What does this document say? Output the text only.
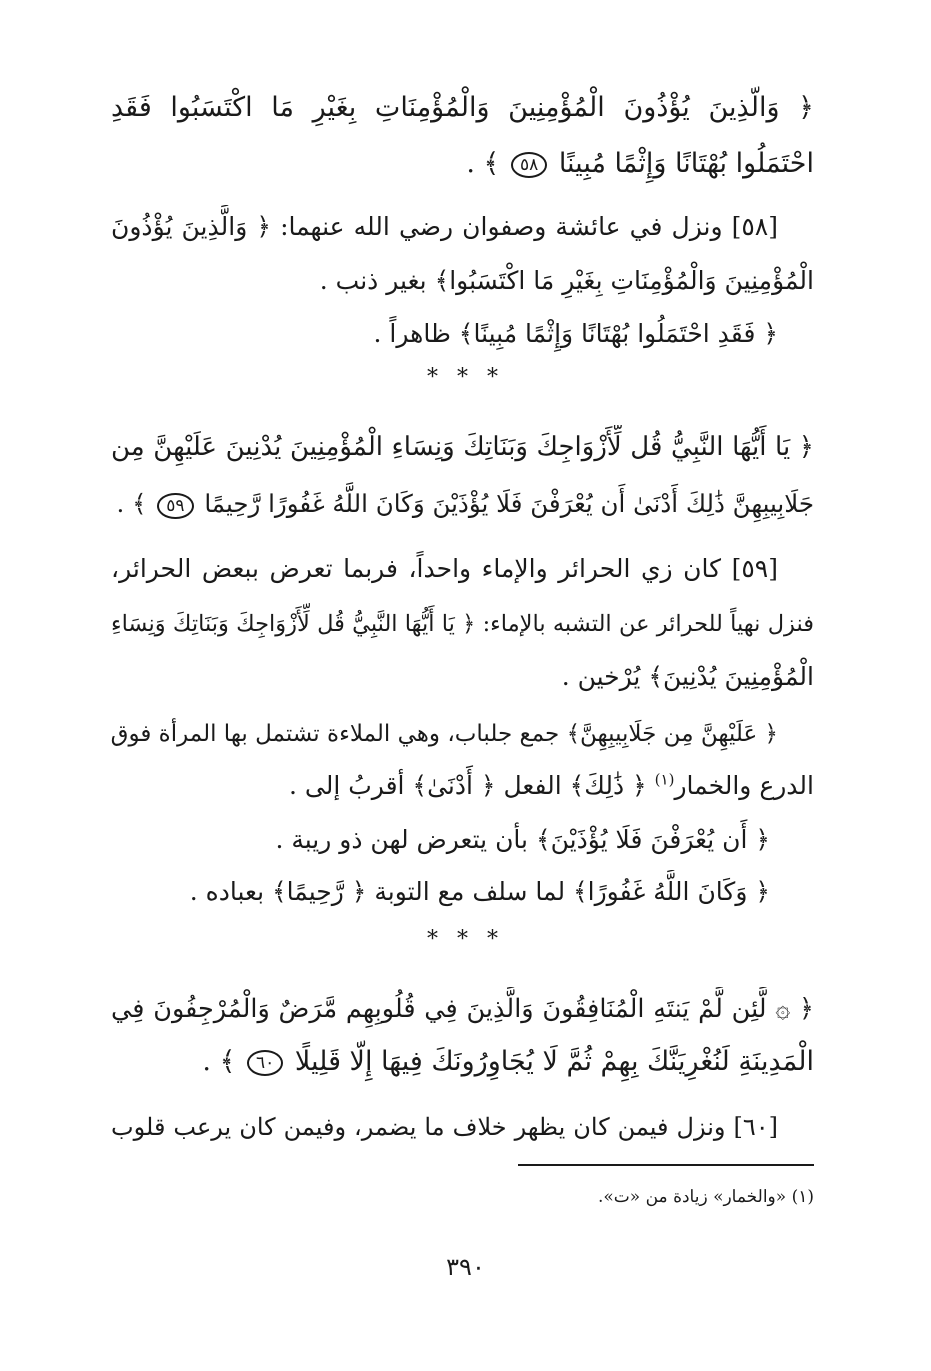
﴿ وَالَّذِينَ يُؤْذُونَ الْمُؤْمِنِينَ وَالْمُؤْمِنَاتِ بِغَيْرِ مَا اكْتَسَبُوا فَقَدِ
احْتَمَلُوا بُهْتَانًا وَإِثْمًا مُبِينًا ٥٨ ﴾ .
[٥٨] ونزل في عائشة وصفوان رضي الله عنهما: ﴿ وَالَّذِينَ يُؤْذُونَ
الْمُؤْمِنِينَ وَالْمُؤْمِنَاتِ بِغَيْرِ مَا اكْتَسَبُوا﴾ بغير ذنب .
﴿ فَقَدِ احْتَمَلُوا بُهْتَانًا وَإِثْمًا مُبِينًا﴾ ظاهراً .
* * *
﴿ يَا أَيُّهَا النَّبِيُّ قُل لِّأَزْوَاجِكَ وَبَنَاتِكَ وَنِسَاءِ الْمُؤْمِنِينَ يُدْنِينَ عَلَيْهِنَّ مِن
جَلَابِيبِهِنَّ ذَٰلِكَ أَدْنَىٰ أَن يُعْرَفْنَ فَلَا يُؤْذَيْنَ وَكَانَ اللَّهُ غَفُورًا رَّحِيمًا ٥٩ ﴾ .
[٥٩] كان زي الحرائر والإماء واحداً، فربما تعرض ببعض الحرائر،
فنزل نهياً للحرائر عن التشبه بالإماء: ﴿ يَا أَيُّهَا النَّبِيُّ قُل لِّأَزْوَاجِكَ وَبَنَاتِكَ وَنِسَاءِ
الْمُؤْمِنِينَ يُدْنِينَ﴾ يُرْخين .
﴿ عَلَيْهِنَّ مِن جَلَابِيبِهِنَّ﴾ جمع جلباب، وهي الملاءة تشتمل بها المرأة فوق
الدرع والخمار$^{(١)}$ ﴿ ذَٰلِكَ﴾ الفعل ﴿ أَدْنَىٰ﴾ أقربُ إلى .
﴿ أَن يُعْرَفْنَ فَلَا يُؤْذَيْنَ﴾ بأن يتعرض لهن ذو ريبة .
﴿ وَكَانَ اللَّهُ غَفُورًا﴾ لما سلف مع التوبة ﴿ رَّحِيمًا﴾ بعباده .
* * *
﴿ ۞ لَّئِن لَّمْ يَنتَهِ الْمُنَافِقُونَ وَالَّذِينَ فِي قُلُوبِهِم مَّرَضٌ وَالْمُرْجِفُونَ فِي
الْمَدِينَةِ لَنُغْرِيَنَّكَ بِهِمْ ثُمَّ لَا يُجَاوِرُونَكَ فِيهَا إِلَّا قَلِيلًا ٦٠ ﴾ .
[٦٠] ونزل فيمن كان يظهر خلاف ما يضمر، وفيمن كان يرعب قلوب
(١) «والخمار» زيادة من «ت».
٣٩٠
